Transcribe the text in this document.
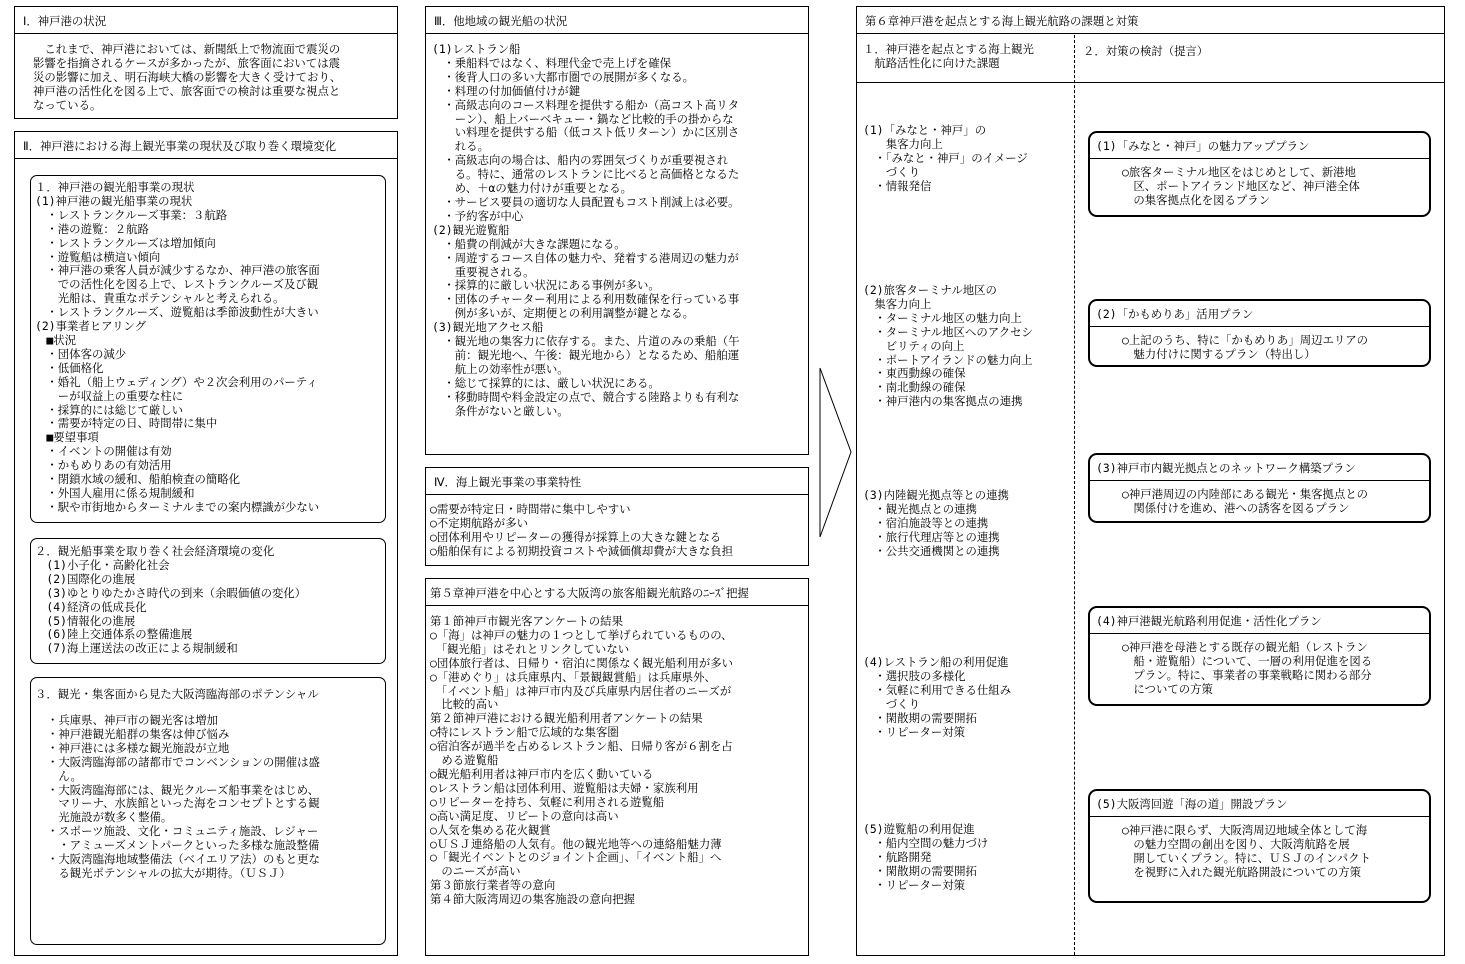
Ⅰ．神戸港の状況
　これまで、神戸港においては、新聞紙上で物流面で震災の
影響を指摘されるケースが多かったが、旅客面においては震
災の影響に加え、明石海峡大橋の影響を大きく受けており、
神戸港の活性化を図る上で、旅客面での検討は重要な視点と
なっている。
Ⅱ．神戸港における海上観光事業の現状及び取り巻く環境変化
１．神戸港の観光船事業の現状
(1)神戸港の観光船事業の現状
　・レストランクルーズ事業：３航路
　・港の遊覧：２航路
　・レストランクルーズは増加傾向
　・遊覧船は横這い傾向
　・神戸港の乗客人員が減少するなか、神戸港の旅客面
　　での活性化を図る上で、レストランクルーズ及び観
　　光船は、貴重なポテンシャルと考えられる。
　・レストランクルーズ、遊覧船は季節波動性が大きい
(2)事業者ヒアリング
　■状況
　・団体客の減少
　・低価格化
　・婚礼（船上ウェディング）や２次会利用のパーティ
　　ーが収益上の重要な柱に
　・採算的には総じて厳しい
　・需要が特定の日、時間帯に集中
　■要望事項
　・イベントの開催は有効
　・かもめりあの有効活用
　・閉鎖水域の緩和、船舶検査の簡略化
　・外国人雇用に係る規制緩和
　・駅や市街地からターミナルまでの案内標識が少ない
２．観光船事業を取り巻く社会経済環境の変化
　(1)小子化・高齢化社会
　(2)国際化の進展
　(3)ゆとりゆたかさ時代の到来（余暇価値の変化）
　(4)経済の低成長化
　(5)情報化の進展
　(6)陸上交通体系の整備進展
　(7)海上運送法の改正による規制緩和
３．観光・集客面から見た大阪湾臨海部のポテンシャル
・兵庫県、神戸市の観光客は増加
・神戸港観光船群の集客は伸び悩み
・神戸港には多様な観光施設が立地
・大阪湾臨海部の諸都市でコンベンションの開催は盛
　ん。
・大阪湾臨海部には、観光クルーズ船事業をはじめ、
　マリーナ、水族館といった海をコンセプトとする観
　光施設が数多く整備。
・スポーツ施設、文化・コミュニティ施設、レジャー
　・アミューズメントパークといった多様な施設整備
・大阪湾臨海地域整備法（ベイエリア法）のもと更な
　る観光ポテンシャルの拡大が期待。（ＵＳＪ）
Ⅲ．他地域の観光船の状況
(1)レストラン船
　・乗船料ではなく、料理代金で売上げを確保
　・後背人口の多い大都市圏での展開が多くなる。
　・料理の付加価値付けが鍵
　・高級志向のコース料理を提供する船か（高コスト高リタ
　　ーン）、船上バーベキュー・鍋など比較的手の掛からな
　　い料理を提供する船（低コスト低リターン）かに区別さ
　　れる。
　・高級志向の場合は、船内の雰囲気づくりが重要視され
　　る。特に、通常のレストランに比べると高価格となるた
　　め、＋αの魅力付けが重要となる。
　・サービス要員の適切な人員配置もコスト削減上は必要。
　・予約客が中心
(2)観光遊覧船
　・船費の削減が大きな課題になる。
　・周遊するコース自体の魅力や、発着する港周辺の魅力が
　　重要視される。
　・採算的に厳しい状況にある事例が多い。
　・団体のチャーター利用による利用数確保を行っている事
　　例が多いが、定期便との利用調整が鍵となる。
(3)観光地アクセス船
　・観光地の集客力に依存する。また、片道のみの乗船（午
　　前：観光地へ、午後：観光地から）となるため、船舶運
　　航上の効率性が悪い。
　・総じて採算的には、厳しい状況にある。
　・移動時間や料金設定の点で、競合する陸路よりも有利な
　　条件がないと厳しい。
Ⅳ．海上観光事業の事業特性
○需要が特定日・時間帯に集中しやすい
○不定期航路が多い
○団体利用やリピーターの獲得が採算上の大きな鍵となる
○船舶保有による初期投資コストや減価償却費が大きな負担
第５章神戸港を中心とする大阪湾の旅客船観光航路のﾆｰｽﾞ把握
第１節神戸市観光客アンケートの結果
○「海」は神戸の魅力の１つとして挙げられているものの、
　「観光船」はそれとリンクしていない
○団体旅行者は、日帰り・宿泊に関係なく観光船利用が多い
○「港めぐり」は兵庫県内、「景観観賞船」は兵庫県外、
　「イベント船」は神戸市内及び兵庫県内居住者のニーズが
　比較的高い
第２節神戸港における観光船利用者アンケートの結果
○特にレストラン船で広域的な集客圏
○宿泊客が過半を占めるレストラン船、日帰り客が６割を占
　める遊覧船
○観光船利用者は神戸市内を広く動いている
○レストラン船は団体利用、遊覧船は夫婦・家族利用
○リピーターを持ち、気軽に利用される遊覧船
○高い満足度、リピートの意向は高い
○人気を集める花火観賞
○ＵＳＪ連絡船の人気有。他の観光地等への連絡船魅力薄
○「観光イベントとのジョイント企画」、「イベント船」へ
　のニーズが高い
第３節旅行業者等の意向
第４節大阪湾周辺の集客施設の意向把握
第６章神戸港を起点とする海上観光航路の課題と対策
１．神戸港を起点とする海上観光
　航路活性化に向けた課題
２．対策の検討（提言）
(1)「みなと・神戸」の
　　集客力向上
　・「みなと・神戸」のイメージ
　　づくり
　・情報発信
(2)旅客ターミナル地区の
　集客力向上
　・ターミナル地区の魅力向上
　・ターミナル地区へのアクセシ
　　ビリティの向上
　・ポートアイランドの魅力向上
　・東西動線の確保
　・南北動線の確保
　・神戸港内の集客拠点の連携
(3)内陸観光拠点等との連携
　・観光拠点との連携
　・宿泊施設等との連携
　・旅行代理店等との連携
　・公共交通機関との連携
(4)レストラン船の利用促進
　・選択肢の多様化
　・気軽に利用できる仕組み
　　づくり
　・閑散期の需要開拓
　・リピーター対策
(5)遊覧船の利用促進
　・船内空間の魅力づけ
　・航路開発
　・閑散期の需要開拓
　・リピーター対策
(1)「みなと・神戸」の魅力アッププラン
○旅客ターミナル地区をはじめとして、新港地
　区、ポートアイランド地区など、神戸港全体
　の集客拠点化を図るプラン
(2)「かもめりあ」活用プラン
○上記のうち、特に「かもめりあ」周辺エリアの
　魅力付けに関するプラン（特出し）
(3)神戸市内観光拠点とのネットワーク構築プラン
○神戸港周辺の内陸部にある観光・集客拠点との
　関係付けを進め、港への誘客を図るプラン
(4)神戸港観光航路利用促進・活性化プラン
○神戸港を母港とする既存の観光船（レストラン
　船・遊覧船）について、一層の利用促進を図る
　プラン。特に、事業者の事業戦略に関わる部分
　についての方策
(5)大阪湾回遊「海の道」開設プラン
○神戸港に限らず、大阪湾周辺地域全体として海
　の魅力空間の創出を図り、大阪湾航路を展
　開していくプラン。特に、ＵＳＪのインパクト
　を視野に入れた観光航路開設についての方策
